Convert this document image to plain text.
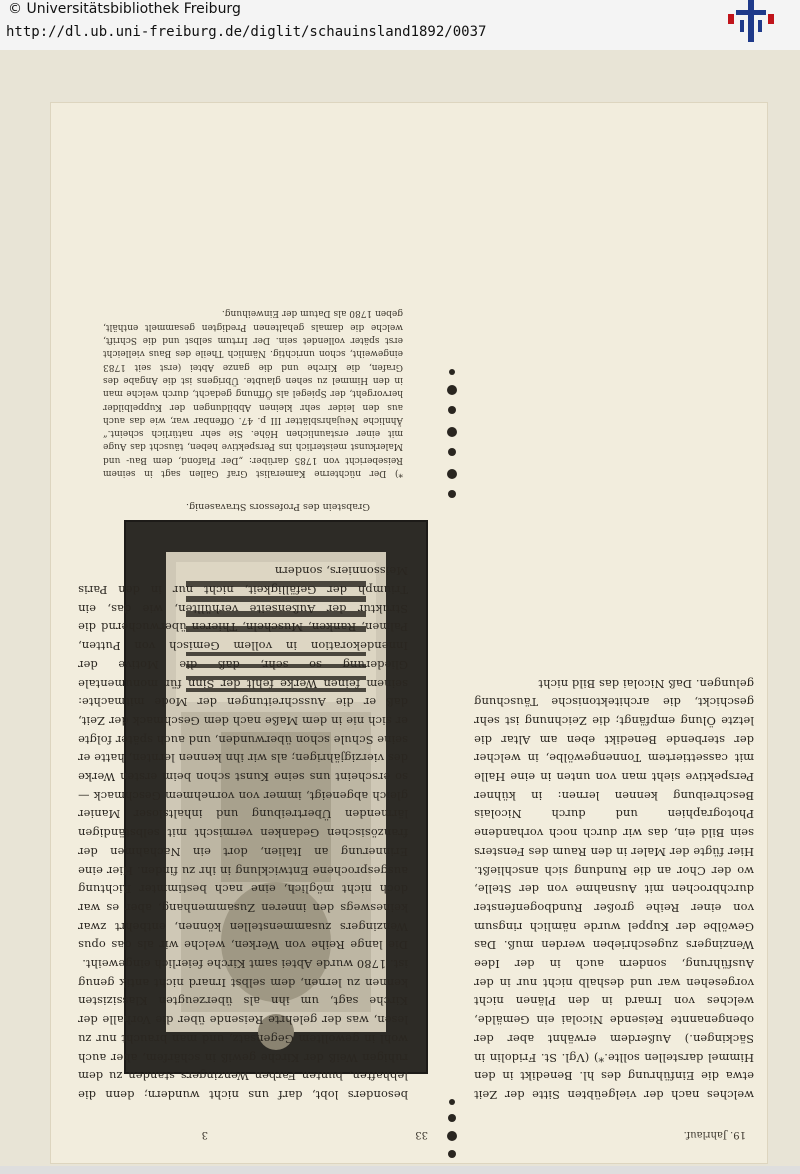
© Universitätsbibliothek Freiburg
http://dl.ub.uni-freiburg.de/diglit/schauinsland1892/0037
19. Jahrlauf.
33
3
welches nach der vielgeübten Sitte der Zeit etwa die Einführung des hl. Benedikt in den Himmel darstellen sollte.*) (Vgl. St. Fridolin in Säckingen.) Außerdem erwähnt aber der obengenannte Reisende Nicolai ein Gemälde, welches von Irnard in den Plänen nicht vorgesehen war und deshalb nicht nur in der Ausführung, sondern auch in der Idee Wenzingers zugeschrieben werden muß. Das Gewölbe der Kuppel wurde nämlich ringsum von einer Reihe großer Rundbogenfenster durchbrochen mit Ausnahme von der Stelle, wo der Chor an die Rundung sich anschließt. Hier fügte der Maler in den Raum des Fensters sein Bild ein, das wir durch noch vorhandene Photographien und durch Nicolais Beschreibung kennen lernen: in kühner Perspektive sieht man von unten in eine Halle mit cassettiertem Tonnengewölbe, in welcher der sterbende Benedikt eben am Altar die letzte Ölung empfängt; die Zeichnung ist sehr geschickt, die architektonische Täuschung gelungen. Daß Nicolai das Bild nicht
Grabstein des Professors Stravasenig.
*) Der nüchterne Kameralist Graf Gallen sagt in seinem Reisebericht von 1785 darüber: „Der Plafond, dem Bau- und Malerkunst meisterlich ins Perspektive heben, täuscht das Auge mit einer erstaunlichen Höhe. Sie sehr natürlich scheint.“ Ähnliche Neujahrsblätter III p. 47. Offenbar war, wie das auch aus den leider sehr kleinen Abbildungen der Kuppelbilder hervorgeht, der Spiegel als Öffnung gedacht, durch welche man in den Himmel zu sehen glaubte. Übrigens ist die Angabe des Grafen, die Kirche und die ganze Abtei (erst seit 1783 eingeweiht, schon unrichtig. Nämlich Theile des Baus vielleicht erst später vollendet sein. Der Irrtum selbst und die Schrift, welche die damals gehaltenen Predigten gesammelt enthält, geben 1780 als Datum der Einweihung.
besonders lobt, darf uns nicht wundern; denn die lebhaften, bunten Farben Wenzingers standen zu dem ruhigen Weiß der Kirche gewiß in schärfem, aber auch wohl in gewolltem Gegensatz, und man braucht nur zu lesen, was der gelehrte Reisende über die Vorhalle der Kirche sagt, um ihn als überzeugten Klassizisten kennen zu lernen, dem selbst Irnard nicht antik genug ist. 1780 wurde Abtei samt Kirche feierlich eingeweiht.
Die lange Reihe von Werken, welche wir als das opus Wenzingers zusammenstellen können, entbehrt zwar keineswegs den inneren Zusammenhang, aber es war doch nicht möglich, eine nach bestimmter Richtung ausgesprochene Entwicklung in ihr zu finden. Hier eine Erinnerung an Italien, dort ein Nachahmen der französischen Gedanken vermischt mit selbständigen lärmenden Übertreibung und inhaltsloser Manier gleich abgeneigt, immer von vornehmem Geschmack — so erscheint uns seine Kunst schon beim ersten Werke des vierzigjährigen; als wir ihn kennen lernten, hatte er seine Schule schon überwunden, und auch später folgte er sich nie in dem Maße nach dem Geschmack der Zeit, daß er die Ausschreitungen der Mode mitmachte: seinem feinen Werke fehlt der Sinn für monumentale Gliederung so sehr, daß die Motive der Innendekoration in vollem Gemisch von Putten, Palmen, Ranken, Muscheln, Thieren überwuchernd die Struktur der Außenseite verhüllten, wie das, ein Triumph der Gefälligkeit, nicht nur in den Paris Meissonniers, sondern
